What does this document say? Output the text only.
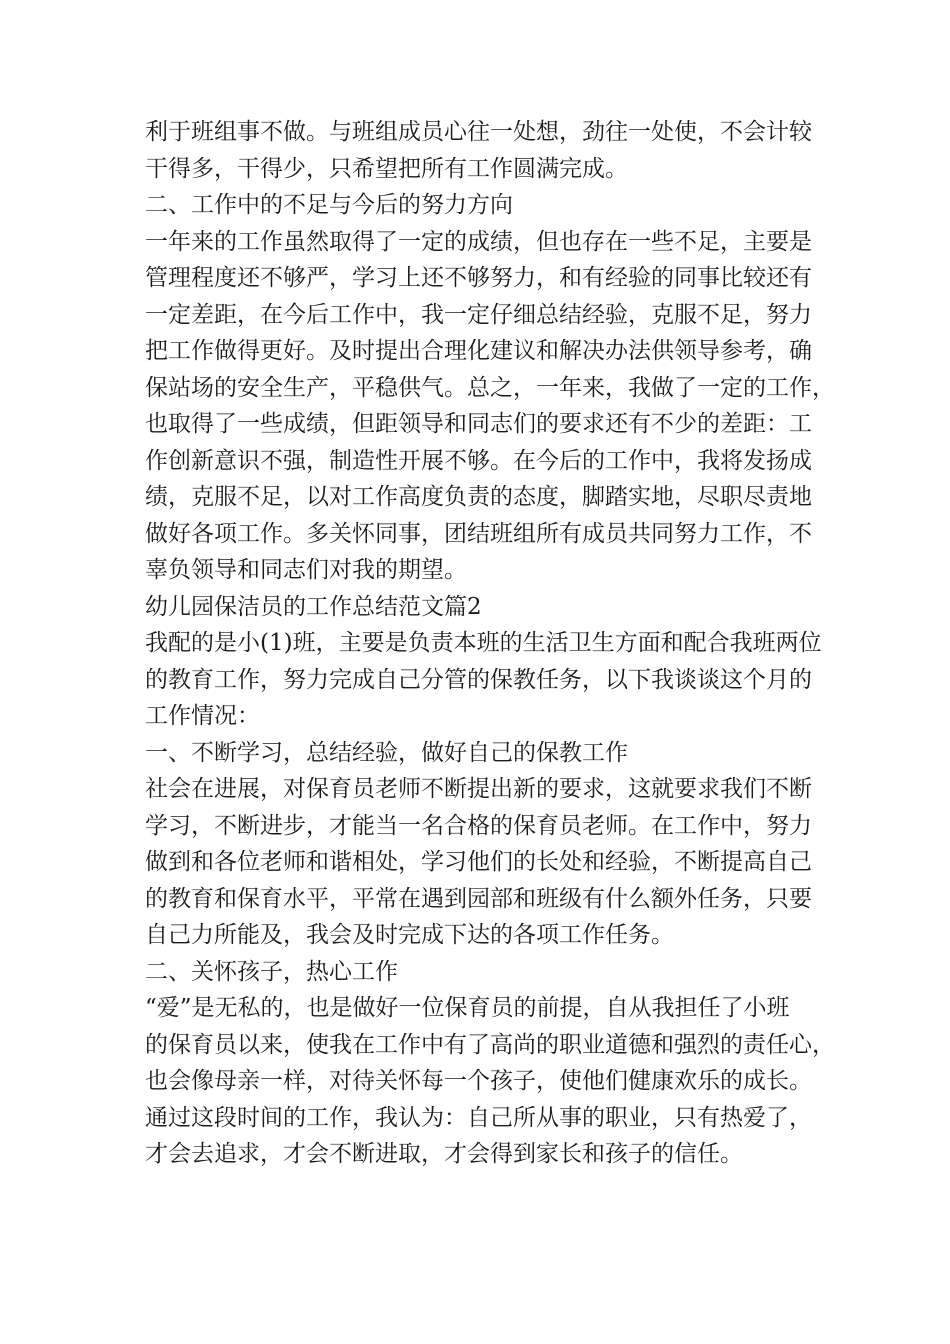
利于班组事不做。与班组成员心往一处想，劲往一处使，不会计较
干得多，干得少，只希望把所有工作圆满完成。
二、工作中的不足与今后的努力方向
一年来的工作虽然取得了一定的成绩，但也存在一些不足，主要是
管理程度还不够严，学习上还不够努力，和有经验的同事比较还有
一定差距，在今后工作中，我一定仔细总结经验，克服不足，努力
把工作做得更好。及时提出合理化建议和解决办法供领导参考，确
保站场的安全生产，平稳供气。总之，一年来，我做了一定的工作，
也取得了一些成绩，但距领导和同志们的要求还有不少的差距：工
作创新意识不强，制造性开展不够。在今后的工作中，我将发扬成
绩，克服不足，以对工作高度负责的态度，脚踏实地，尽职尽责地
做好各项工作。多关怀同事，团结班组所有成员共同努力工作，不
辜负领导和同志们对我的期望。
幼儿园保洁员的工作总结范文篇2
我配的是小(1)班，主要是负责本班的生活卫生方面和配合我班两位
的教育工作，努力完成自己分管的保教任务，以下我谈谈这个月的
工作情况：
一、不断学习，总结经验，做好自己的保教工作
社会在进展，对保育员老师不断提出新的要求，这就要求我们不断
学习，不断进步，才能当一名合格的保育员老师。在工作中，努力
做到和各位老师和谐相处，学习他们的长处和经验，不断提高自己
的教育和保育水平，平常在遇到园部和班级有什么额外任务，只要
自己力所能及，我会及时完成下达的各项工作任务。
二、关怀孩子，热心工作
“爱”是无私的，也是做好一位保育员的前提，自从我担任了小班
的保育员以来，使我在工作中有了高尚的职业道德和强烈的责任心，
也会像母亲一样，对待关怀每一个孩子，使他们健康欢乐的成长。
通过这段时间的工作，我认为：自己所从事的职业，只有热爱了，
才会去追求，才会不断进取，才会得到家长和孩子的信任。
